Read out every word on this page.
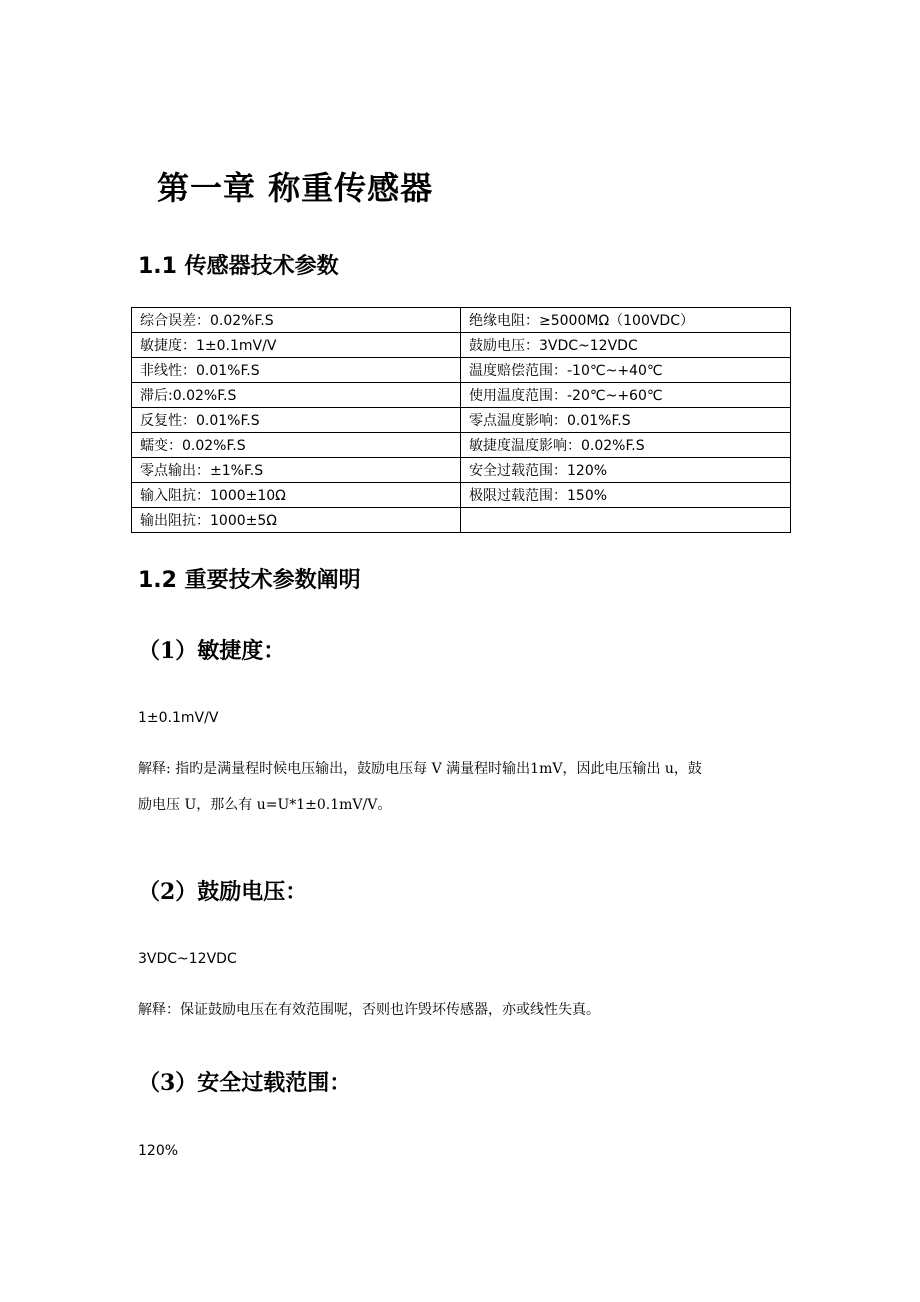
第一章 称重传感器
1.1 传感器技术参数
综合误差：0.02%F.S	绝缘电阻：≥5000MΩ（100VDC）
敏捷度：1±0.1mV/V	鼓励电压：3VDC~12VDC
非线性：0.01%F.S	温度赔偿范围：-10℃~+40℃
滞后:0.02%F.S	使用温度范围：-20℃~+60℃
反复性：0.01%F.S	零点温度影响：0.01%F.S
蠕变：0.02%F.S	敏捷度温度影响：0.02%F.S
零点输出：±1%F.S	安全过载范围：120%
输入阻抗：1000±10Ω	极限过载范围：150%
输出阻抗：1000±5Ω	
1.2 重要技术参数阐明
（1）敏捷度：
1±0.1mV/V

解释: 指旳是满量程时候电压输出，鼓励电压每 V 满量程时输出1mV，因此电压输出 u，鼓

励电压 U，那么有 u=U*1±0.1mV/V。

（2）鼓励电压：
3VDC~12VDC

解释：保证鼓励电压在有效范围呢，否则也许毁坏传感器，亦或线性失真。

（3）安全过载范围：
120%
